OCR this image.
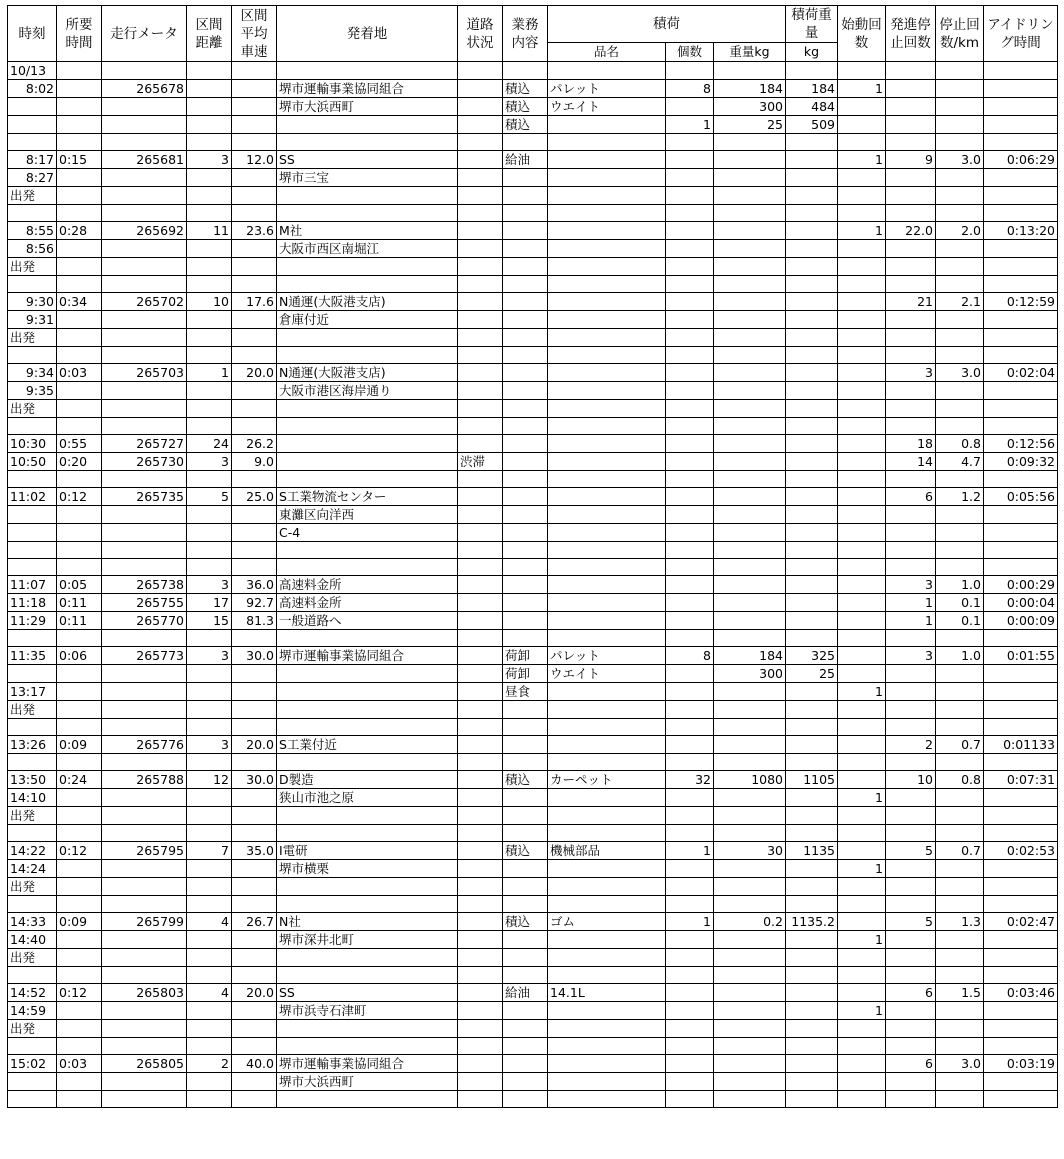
時刻	所要時間	走行メータ	区間距離	区間平均車速	発着地	道路状況	業務内容	積荷			積荷重量	始動回数	発進停止回数	停止回数/km	アイドリング時間

								品名	個数	重量kg	kg				
10/13															
8:02		265678			堺市運輸事業協同組合		積込	パレット	8	184	184	1			
					堺市大浜西町		積込	ウエイト		300	484				
							積込		1	25	509				

8:17	0:15	265681	3	12.0	SS		給油					1	9	3.0	0:06:29
8:27					堺市三宝										
出発															

8:55	0:28	265692	11	23.6	M社							1	22.0	2.0	0:13:20
8:56					大阪市西区南堀江										
出発															

9:30	0:34	265702	10	17.6	N通運(大阪港支店)								21	2.1	0:12:59
9:31					倉庫付近										
出発															

9:34	0:03	265703	1	20.0	N通運(大阪港支店)								3	3.0	0:02:04
9:35					大阪市港区海岸通り										
出発															

10:30	0:55	265727	24	26.2									18	0.8	0:12:56
10:50	0:20	265730	3	9.0		渋滞							14	4.7	0:09:32

11:02	0:12	265735	5	25.0	S工業物流センター								6	1.2	0:05:56
					東灘区向洋西										
					C-4										

11:07	0:05	265738	3	36.0	高速料金所								3	1.0	0:00:29
11:18	0:11	265755	17	92.7	高速料金所								1	0.1	0:00:04
11:29	0:11	265770	15	81.3	一般道路へ								1	0.1	0:00:09

11:35	0:06	265773	3	30.0	堺市運輸事業協同組合		荷卸	パレット	8	184	325		3	1.0	0:01:55
							荷卸	ウエイト		300	25				
13:17							昼食					1			
出発															

13:26	0:09	265776	3	20.0	S工業付近								2	0.7	0:01133

13:50	0:24	265788	12	30.0	D製造		積込	カーペット	32	1080	1105		10	0.8	0:07:31
14:10					狭山市池之原							1			
出発															

14:22	0:12	265795	7	35.0	I電研		積込	機械部品	1	30	1135		5	0.7	0:02:53
14:24					堺市横栗							1			
出発															

14:33	0:09	265799	4	26.7	N社		積込	ゴム	1	0.2	1135.2		5	1.3	0:02:47
14:40					堺市深井北町							1			
出発															

14:52	0:12	265803	4	20.0	SS		給油	14.1L					6	1.5	0:03:46
14:59					堺市浜寺石津町							1			
出発															

15:02	0:03	265805	2	40.0	堺市運輸事業協同組合								6	3.0	0:03:19
					堺市大浜西町										
